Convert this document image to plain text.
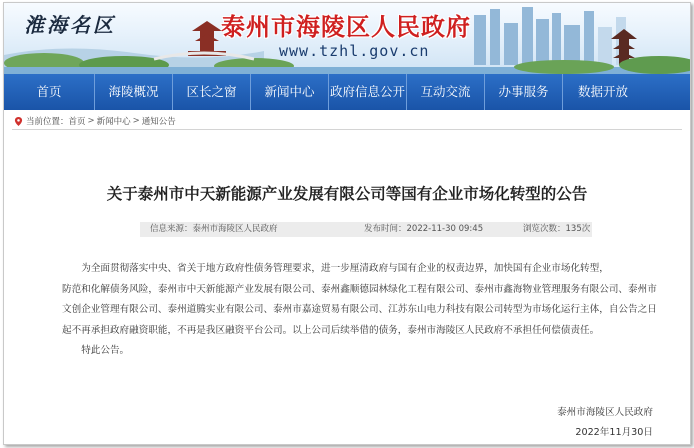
淮海名区	泰州市海陵区人民政府
www.tzhl.gov.cn
首页	海陵概况	区长之窗	新闻中心	政府信息公开	互动交流	办事服务	数据开放
当前位置： 首页 > 新闻中心 > 通知公告
关于泰州市中天新能源产业发展有限公司等国有企业市场化转型的公告
信息来源：泰州市海陵区人民政府	发布时间：2022-11-30 09:45	浏览次数：135次

为全面贯彻落实中央、省关于地方政府性债务管理要求，进一步厘清政府与国有企业的权责边界，加快国有企业市场化转型，

防范和化解债务风险，泰州市中天新能源产业发展有限公司、泰州鑫顺德园林绿化工程有限公司、泰州市鑫海物业管理服务有限公司、泰州市文创企业管理有限公司、泰州道腾实业有限公司、泰州市嘉途贸易有限公司、江苏东山电力科技有限公司转型为市场化运行主体，自公告之日起不再承担政府融资职能，不再是我区融资平台公司。以上公司后续举借的债务，泰州市海陵区人民政府不承担任何偿债责任。

特此公告。

泰州市海陵区人民政府
2022年11月30日
